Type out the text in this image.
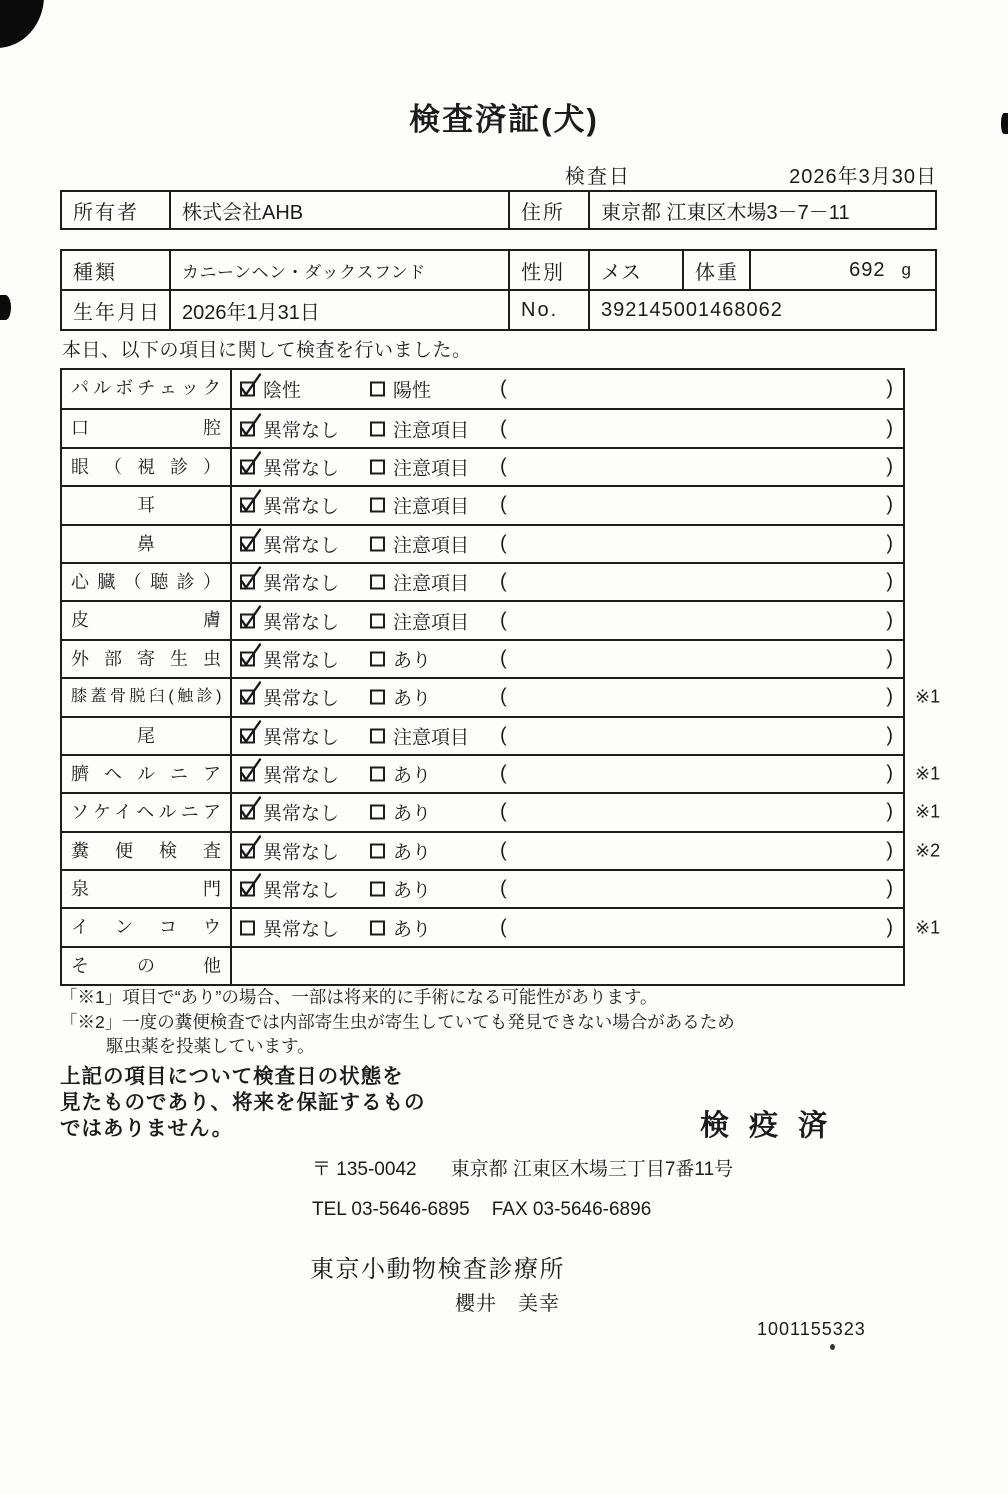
検査済証(犬)
検査日	2026年3月30日
所有者	株式会社AHB	住所	東京都 江東区木場3－7－11
種類	カニーンヘン・ダックスフンド	性別	メス	体重	692 g
生年月日	2026年1月31日	No.	392145001468062

本日、以下の項目に関して検査を行いました。

パルボチェック	陰性	陽性	(	)
口腔	異常なし	注意項目 (	)
眼（視診）	異常なし	注意項目 (	)
耳	異常なし	注意項目 (	)
鼻	異常なし	注意項目 (	)
心臓（聴診）	異常なし	注意項目 (	)
皮膚	異常なし	注意項目 (	)
外部寄生虫	異常なし	あり	(	)
膝蓋骨脱臼(触診)	異常なし	あり	(	) ※1
尾	異常なし	注意項目 (	)
臍ヘルニア	異常なし	あり	(	) ※1
ソケイヘルニア	異常なし	あり	(	) ※1
糞便検査	異常なし	あり	(	) ※2
泉門	異常なし	あり	(	)
インコウ	異常なし	あり	(	) ※1
その他
「※1」項目で“あり”の場合、一部は将来的に手術になる可能性があります。
「※2」一度の糞便検査では内部寄生虫が寄生していても発見できない場合があるため
駆虫薬を投薬しています。
上記の項目について検査日の状態を
見たものであり、将来を保証するもの
ではありません。	検 疫 済
〒 135-0042 東京都 江東区木場三丁目7番11号
TEL 03-5646-6895 FAX 03-5646-6896
東京小動物検査診療所
櫻井　美幸
1001155323
